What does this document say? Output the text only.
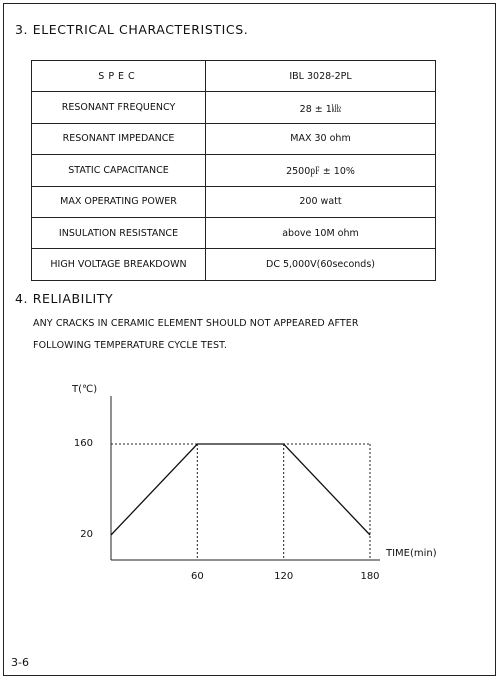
3. ELECTRICAL CHARACTERISTICS.
SPEC	IBL 3028-2PL
RESONANT FREQUENCY	28 ± 1㎑
RESONANT IMPEDANCE	MAX 30 ohm
STATIC CAPACITANCE	2500㎊ ± 10%
MAX OPERATING POWER	200 watt
INSULATION RESISTANCE	above 10M ohm
HIGH VOLTAGE BREAKDOWN	DC 5,000V(60seconds)
4. RELIABILITY
ANY CRACKS IN CERAMIC ELEMENT SHOULD NOT APPEARED AFTER
FOLLOWING TEMPERATURE CYCLE TEST.
T(℃)
TIME(min)
60	120	180
20
160
3-6
